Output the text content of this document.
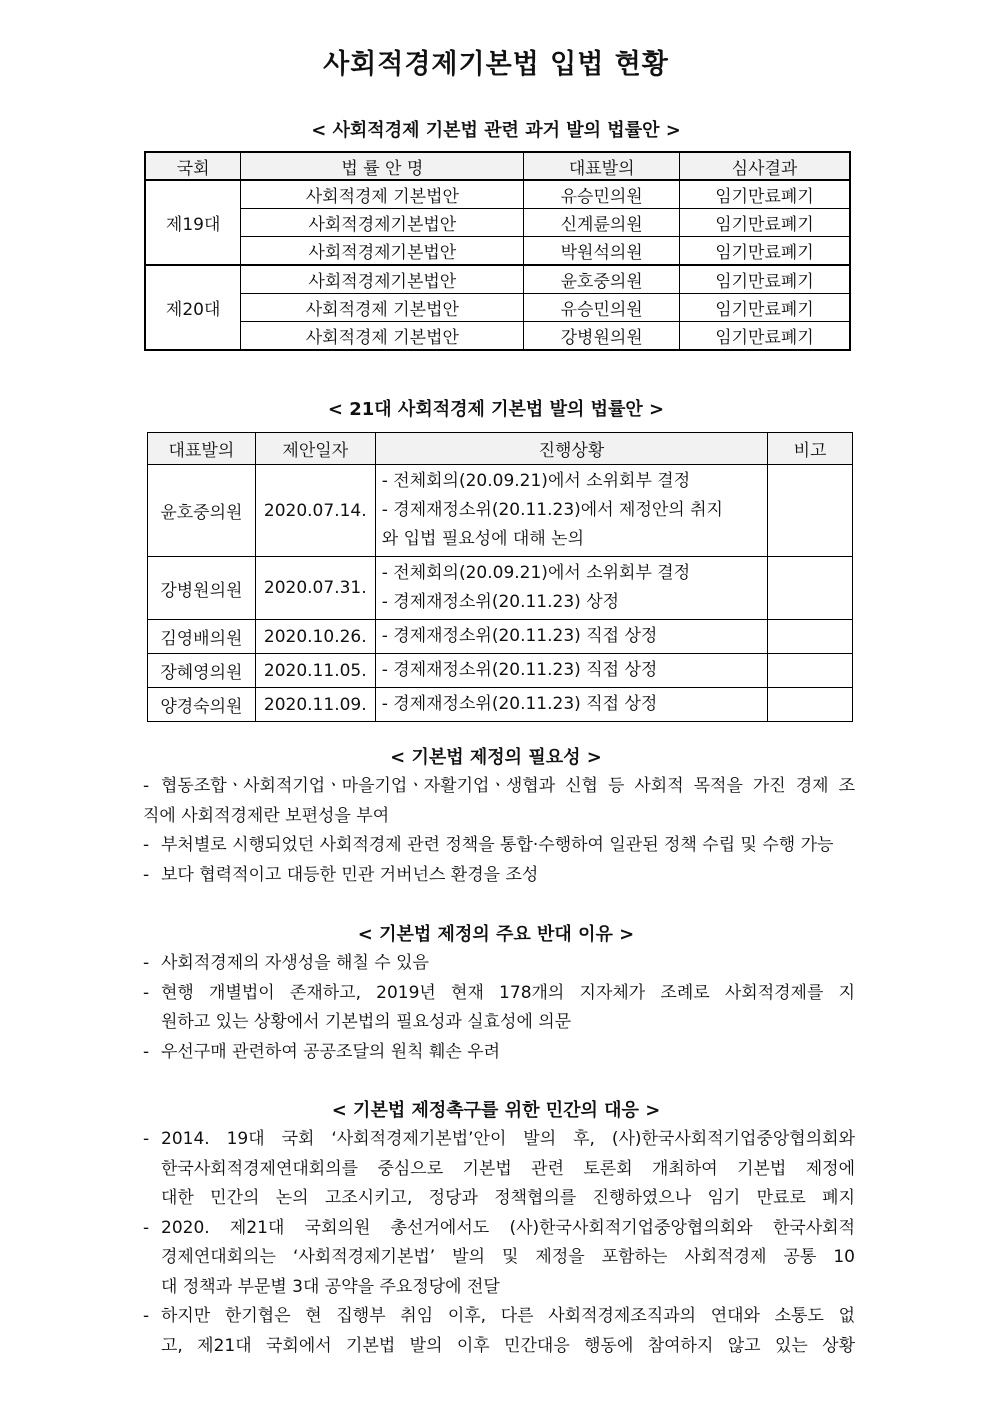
사회적경제기본법 입법 현황
< 사회적경제 기본법 관련 과거 발의 법률안 >
국회	법 률 안 명	대표발의	심사결과
제19대	사회적경제 기본법안	유승민의원	임기만료폐기
	사회적경제기본법안	신계륜의원	임기만료폐기
	사회적경제기본법안	박원석의원	임기만료폐기
제20대	사회적경제기본법안	윤호중의원	임기만료폐기
	사회적경제 기본법안	유승민의원	임기만료폐기
	사회적경제 기본법안	강병원의원	임기만료폐기
< 21대 사회적경제 기본법 발의 법률안 >
대표발의	제안일자	진행상황	비고
윤호중의원	2020.07.14.	- 전체회의(20.09.21)에서 소위회부 결정
- 경제재정소위(20.11.23)에서 제정안의 취지
와 입법 필요성에 대해 논의	

강병원의원	2020.07.31.	- 전체회의(20.09.21)에서 소위회부 결정
- 경제재정소위(20.11.23) 상정	

김영배의원	2020.10.26.	- 경제재정소위(20.11.23) 직접 상정	

장혜영의원	2020.11.05.	- 경제재정소위(20.11.23) 직접 상정	

양경숙의원	2020.11.09.	- 경제재정소위(20.11.23) 직접 상정	

< 기본법 제정의 필요성 >
- 협동조합ㆍ사회적기업ㆍ마을기업ㆍ자활기업ㆍ생협과 신협 등 사회적 목적을 가진 경제 조
직에 사회적경제란 보편성을 부여
- 부처별로 시행되었던 사회적경제 관련 정책을 통합·수행하여 일관된 정책 수립 및 수행 가능
- 보다 협력적이고 대등한 민관 거버넌스 환경을 조성
< 기본법 제정의 주요 반대 이유 >
- 사회적경제의 자생성을 해칠 수 있음
- 현행 개별법이 존재하고, 2019년 현재 178개의 지자체가 조례로 사회적경제를 지
원하고 있는 상황에서 기본법의 필요성과 실효성에 의문
- 우선구매 관련하여 공공조달의 원칙 훼손 우려
< 기본법 제정촉구를 위한 민간의 대응 >
- 2014. 19대 국회 ‘사회적경제기본법’안이 발의 후, (사)한국사회적기업중앙협의회와
한국사회적경제연대회의를 중심으로 기본법 관련 토론회 개최하여 기본법 제정에
대한 민간의 논의 고조시키고, 정당과 정책협의를 진행하였으나 임기 만료로 폐지
- 2020. 제21대 국회의원 총선거에서도 (사)한국사회적기업중앙협의회와 한국사회적
경제연대회의는 ‘사회적경제기본법’ 발의 및 제정을 포함하는 사회적경제 공통 10
대 정책과 부문별 3대 공약을 주요정당에 전달
- 하지만 한기협은 현 집행부 취임 이후, 다른 사회적경제조직과의 연대와 소통도 없
고, 제21대 국회에서 기본법 발의 이후 민간대응 행동에 참여하지 않고 있는 상황
